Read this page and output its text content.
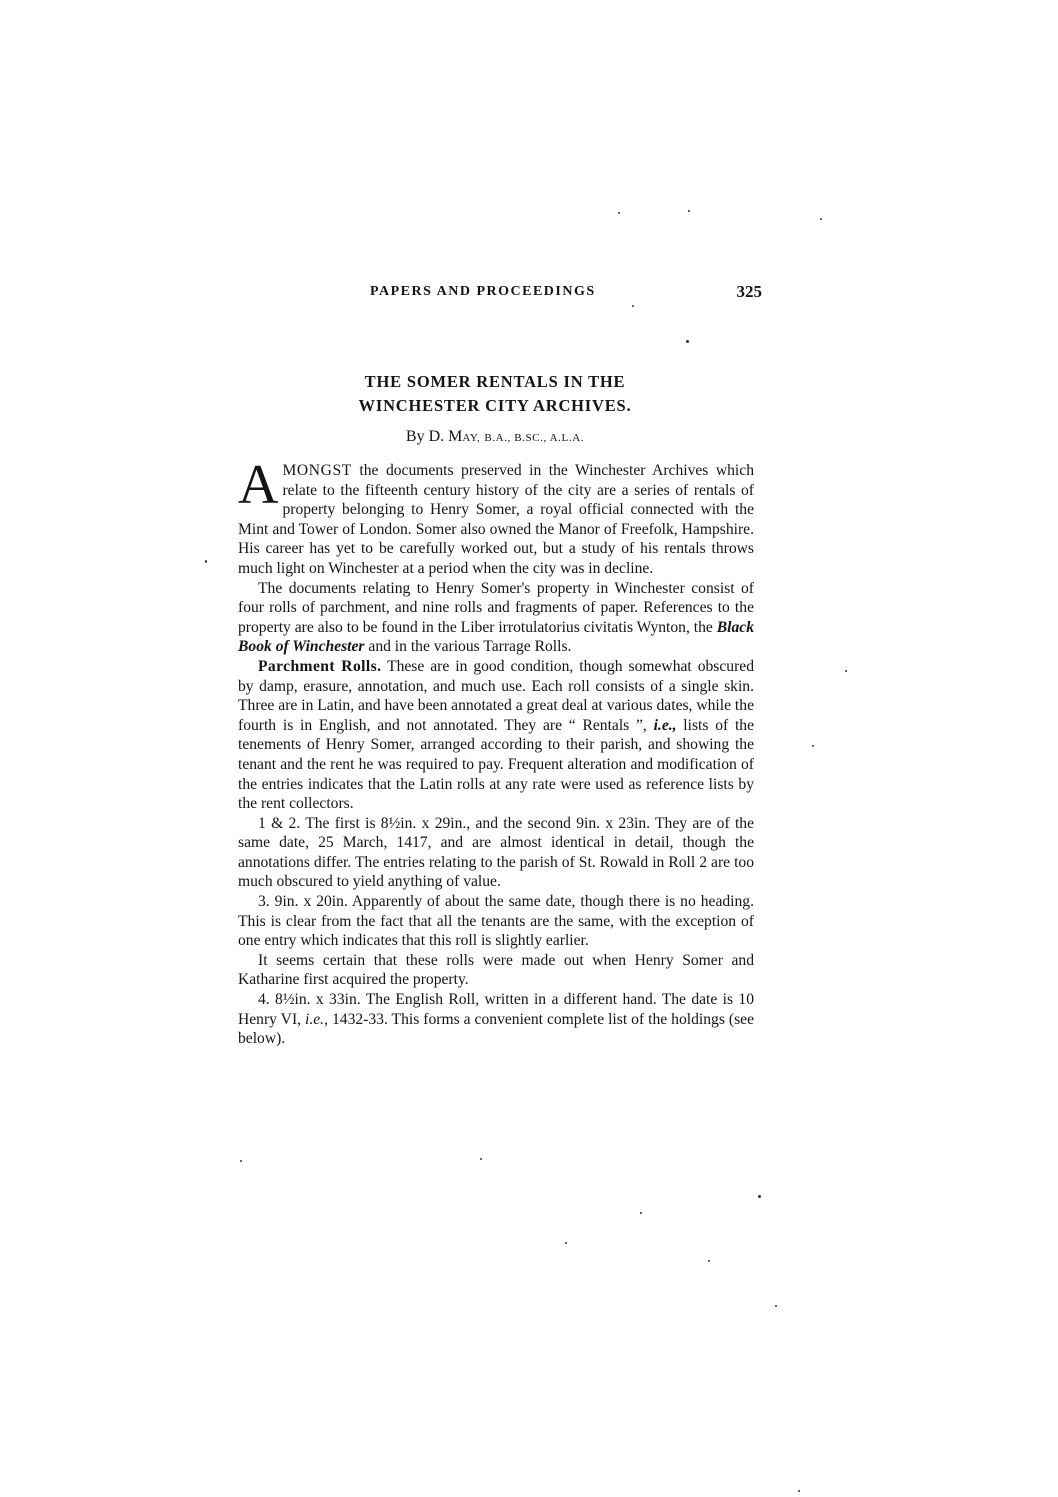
PAPERS AND PROCEEDINGS	325
THE SOMER RENTALS IN THE
WINCHESTER CITY ARCHIVES.
By D. MAY, B.A., B.SC., A.L.A.

AMONGST the documents preserved in the Winchester Archives which relate to the fifteenth century history of the city are a series of rentals of property belonging to Henry Somer, a royal official connected with the Mint and Tower of London. Somer also owned the Manor of Freefolk, Hampshire. His career has yet to be carefully worked out, but a study of his rentals throws much light on Winchester at a period when the city was in decline.

The documents relating to Henry Somer's property in Winchester consist of four rolls of parchment, and nine rolls and fragments of paper. References to the property are also to be found in the Liber irrotulatorius civitatis Wynton, the Black Book of Winchester and in the various Tarrage Rolls.

Parchment Rolls. These are in good condition, though somewhat obscured by damp, erasure, annotation, and much use. Each roll consists of a single skin. Three are in Latin, and have been annotated a great deal at various dates, while the fourth is in English, and not annotated. They are “ Rentals ”, i.e., lists of the tenements of Henry Somer, arranged according to their parish, and showing the tenant and the rent he was required to pay. Frequent alteration and modification of the entries indicates that the Latin rolls at any rate were used as reference lists by the rent collectors.

1 & 2. The first is 8½in. x 29in., and the second 9in. x 23in. They are of the same date, 25 March, 1417, and are almost identical in detail, though the annotations differ. The entries relating to the parish of St. Rowald in Roll 2 are too much obscured to yield anything of value.

3. 9in. x 20in. Apparently of about the same date, though there is no heading. This is clear from the fact that all the tenants are the same, with the exception of one entry which indicates that this roll is slightly earlier.

It seems certain that these rolls were made out when Henry Somer and Katharine first acquired the property.

4. 8½in. x 33in. The English Roll, written in a different hand. The date is 10 Henry VI, i.e., 1432-33. This forms a convenient complete list of the holdings (see below).
